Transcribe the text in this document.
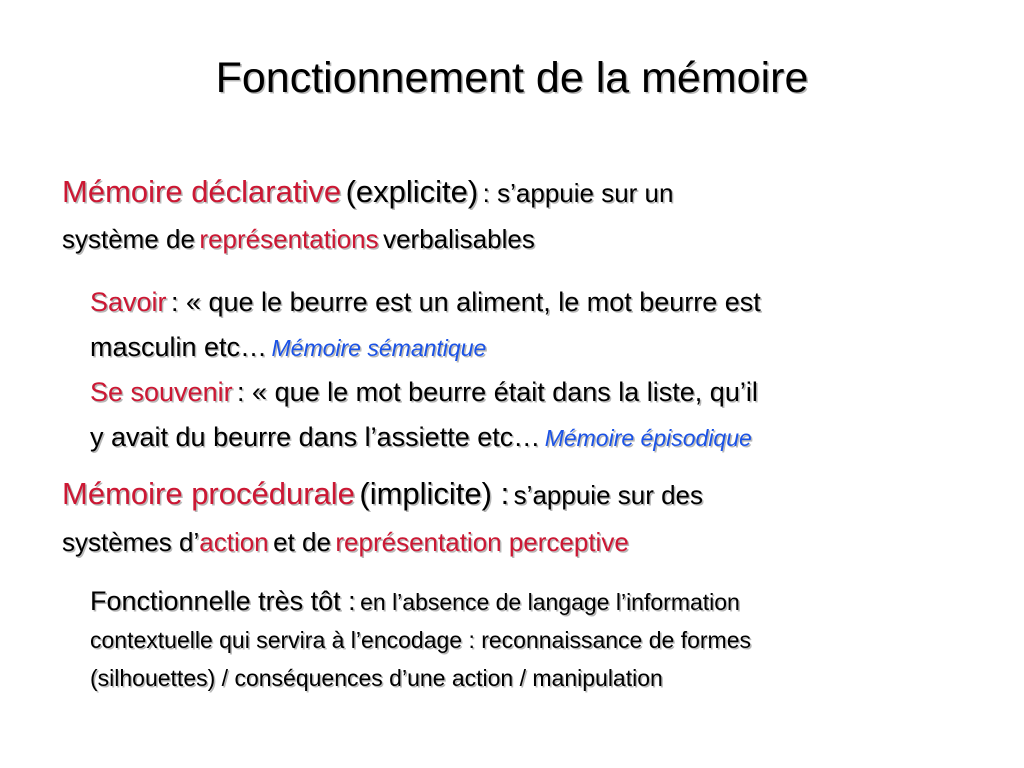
Fonctionnement de la mémoire
Mémoire déclarative (explicite) : s’appuie sur un
système de représentations verbalisables
Savoir : « que le beurre est un aliment, le mot beurre est
masculin etc… Mémoire sémantique
Se souvenir : « que le mot beurre était dans la liste, qu’il
y avait du beurre dans l’assiette etc… Mémoire épisodique
Mémoire procédurale (implicite) : s’appuie sur des
systèmes d’action et de représentation perceptive
Fonctionnelle très tôt : en l’absence de langage l’information
contextuelle qui servira à l’encodage : reconnaissance de formes
(silhouettes) / conséquences d’une action / manipulation
